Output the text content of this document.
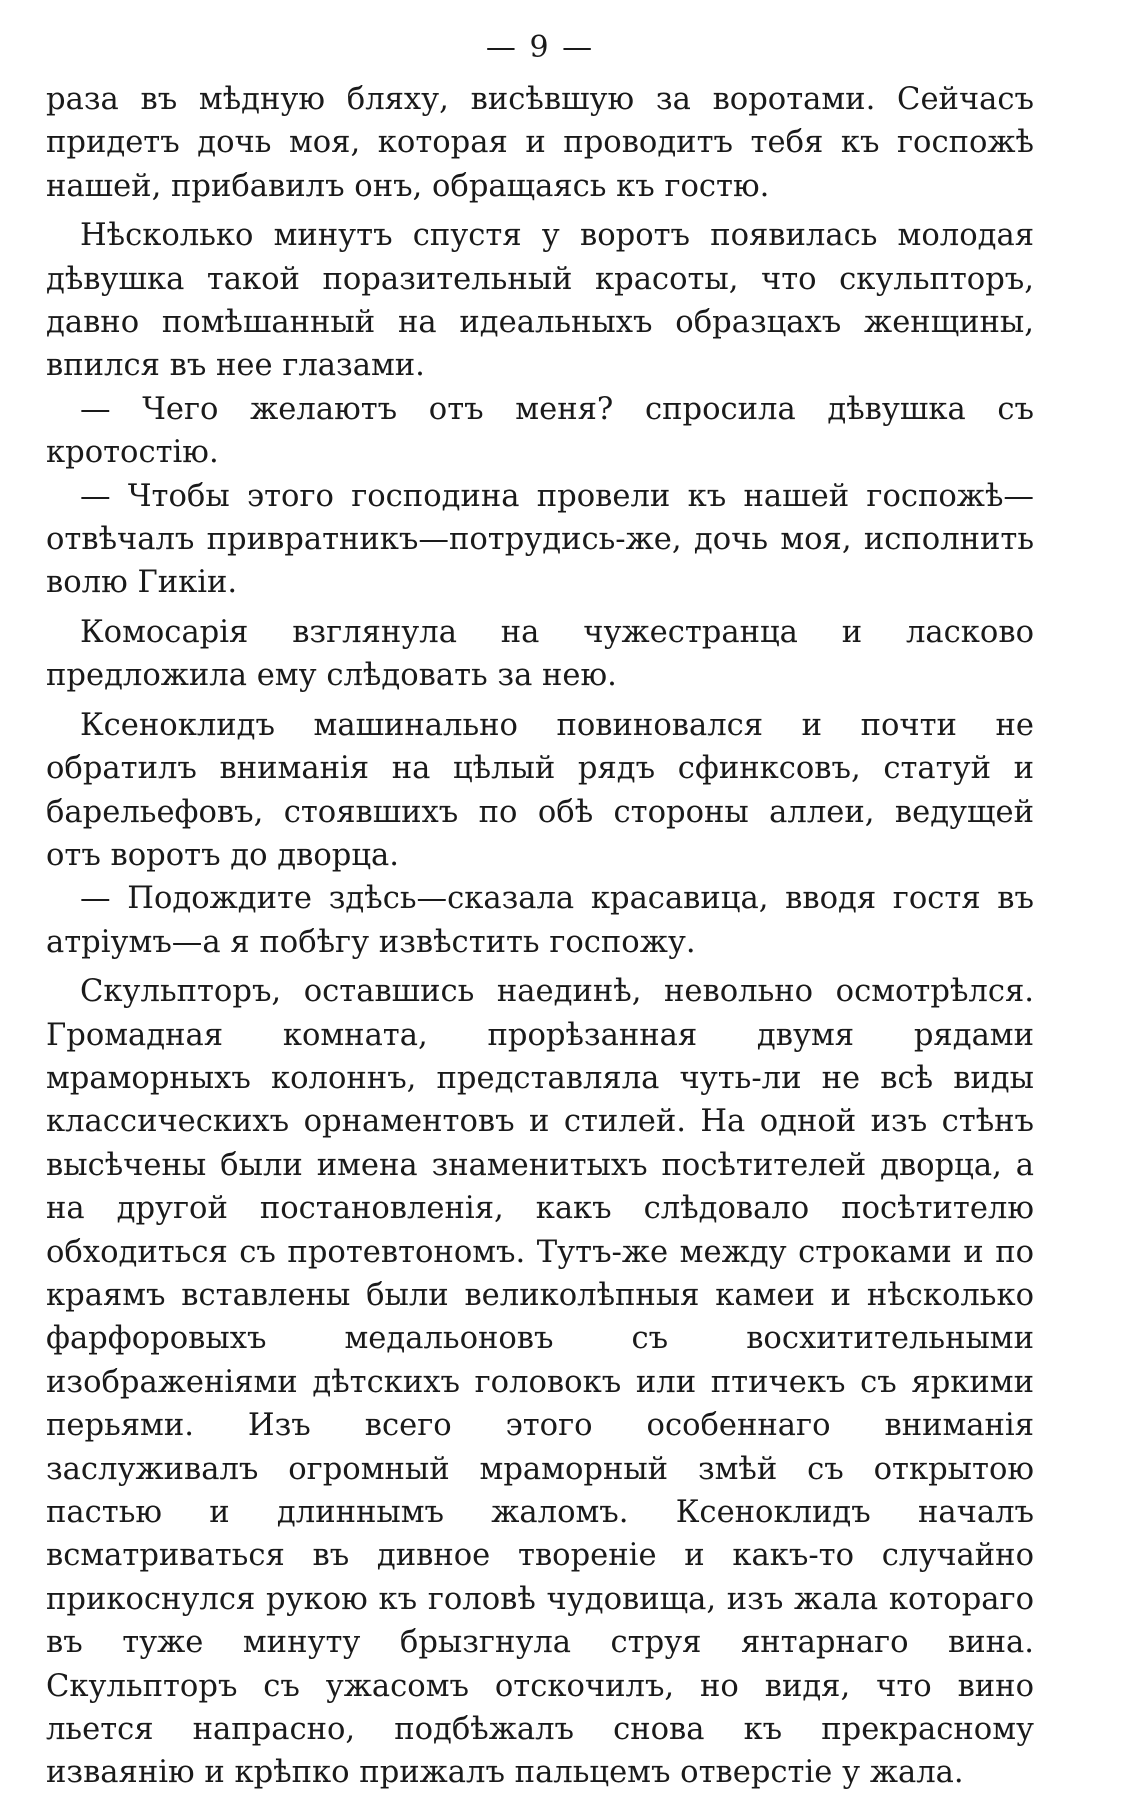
— 9 —

раза въ мѣдную бляху, висѣвшую за воротами. Сейчасъ придетъ дочь моя, которая и проводитъ тебя къ госпожѣ нашей, прибавилъ онъ, обращаясь къ гостю.

Нѣсколько минутъ спустя у воротъ появилась молодая дѣвушка такой поразительный красоты, что скульпторъ, давно помѣшанный на идеальныхъ образцахъ женщины, впился въ нее глазами.

— Чего желаютъ отъ меня? спросила дѣвушка съ кротостію.

— Чтобы этого господина провели къ нашей госпожѣ—отвѣчалъ привратникъ—потрудись-же, дочь моя, исполнить волю Гикіи.

Комосарія взглянула на чужестранца и ласково предложила ему слѣдовать за нею.

Ксеноклидъ машинально повиновался и почти не обратилъ вниманія на цѣлый рядъ сфинксовъ, статуй и барельефовъ, стоявшихъ по обѣ стороны аллеи, ведущей отъ воротъ до дворца.

— Подождите здѣсь—сказала красавица, вводя гостя въ атріумъ—а я побѣгу извѣстить госпожу.

Скульпторъ, оставшись наединѣ, невольно осмотрѣлся. Громадная комната, прорѣзанная двумя рядами мраморныхъ колоннъ, представляла чуть-ли не всѣ виды классическихъ орнаментовъ и стилей. На одной изъ стѣнъ высѣчены были имена знаменитыхъ посѣтителей дворца, а на другой постановленія, какъ слѣдовало посѣтителю обходиться съ протевтономъ. Тутъ-же между строками и по краямъ вставлены были великолѣпныя камеи и нѣсколько фарфоровыхъ медальоновъ съ восхитительными изображеніями дѣтскихъ головокъ или птичекъ съ яркими перьями. Изъ всего этого особеннаго вниманія заслуживалъ огромный мраморный змѣй съ открытою пастью и длиннымъ жаломъ. Ксеноклидъ началъ всматриваться въ дивное твореніе и какъ-то случайно прикоснулся рукою къ головѣ чудовища, изъ жала котораго въ туже минуту брызгнула струя янтарнаго вина. Скульпторъ съ ужасомъ отскочилъ, но видя, что вино льется напрасно, подбѣжалъ снова къ прекрасному изваянію и крѣпко прижалъ пальцемъ отверстіе у жала.
